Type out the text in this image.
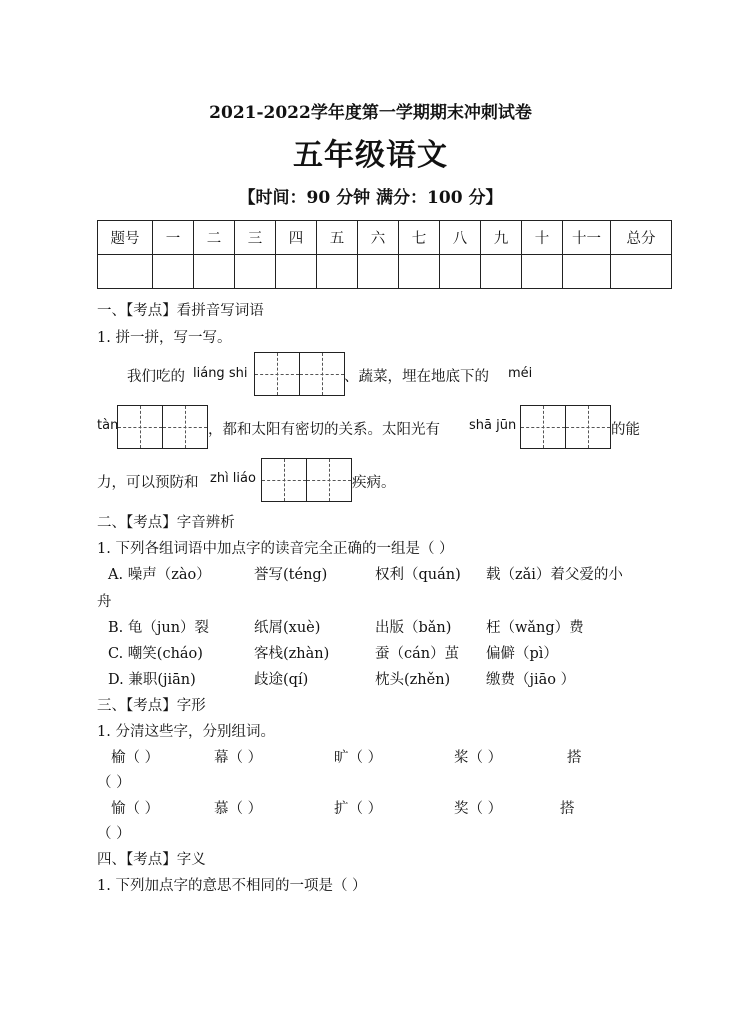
2021-2022学年度第一学期期末冲刺试卷
五年级语文
【时间：90 分钟 满分：100 分】
题号	一	二	三	四	五	六	七	八	九	十	十一	总分

一、【考点】看拼音写词语
1. 拼一拼，写一写。
我们吃的 liáng shi	、蔬菜，埋在地底下的 méi
tàn	，都和太阳有密切的关系。太阳光有 shā jūn	的能
力，可以预防和 zhì liáo	疾病。
二、【考点】字音辨析
1. 下列各组词语中加点字的读音完全正确的一组是（ ）
A. 噪声（zào）	誉写(téng)	权利（quán) 载（zǎi）着父爱的小
舟
B. 龟（jun）裂	纸屑(xuè)	出版（bǎn) 枉（wǎng）费
C. 嘲笑(cháo)	客栈(zhàn)	蚕（cán）茧 偏僻（pì）
D. 兼职(jiān)	歧途(qí)	枕头(zhěn) 缴费（jiāo ）
三、【考点】字形
1. 分清这些字，分别组词。
榆（ ）	幕（ ）	旷（ ）	桨（ ）	搭
（ ）
愉（ ）	慕（ ）	扩（ ）	奖（ ）	搭
（ ）
四、【考点】字义
1. 下列加点字的意思不相同的一项是（ ）
